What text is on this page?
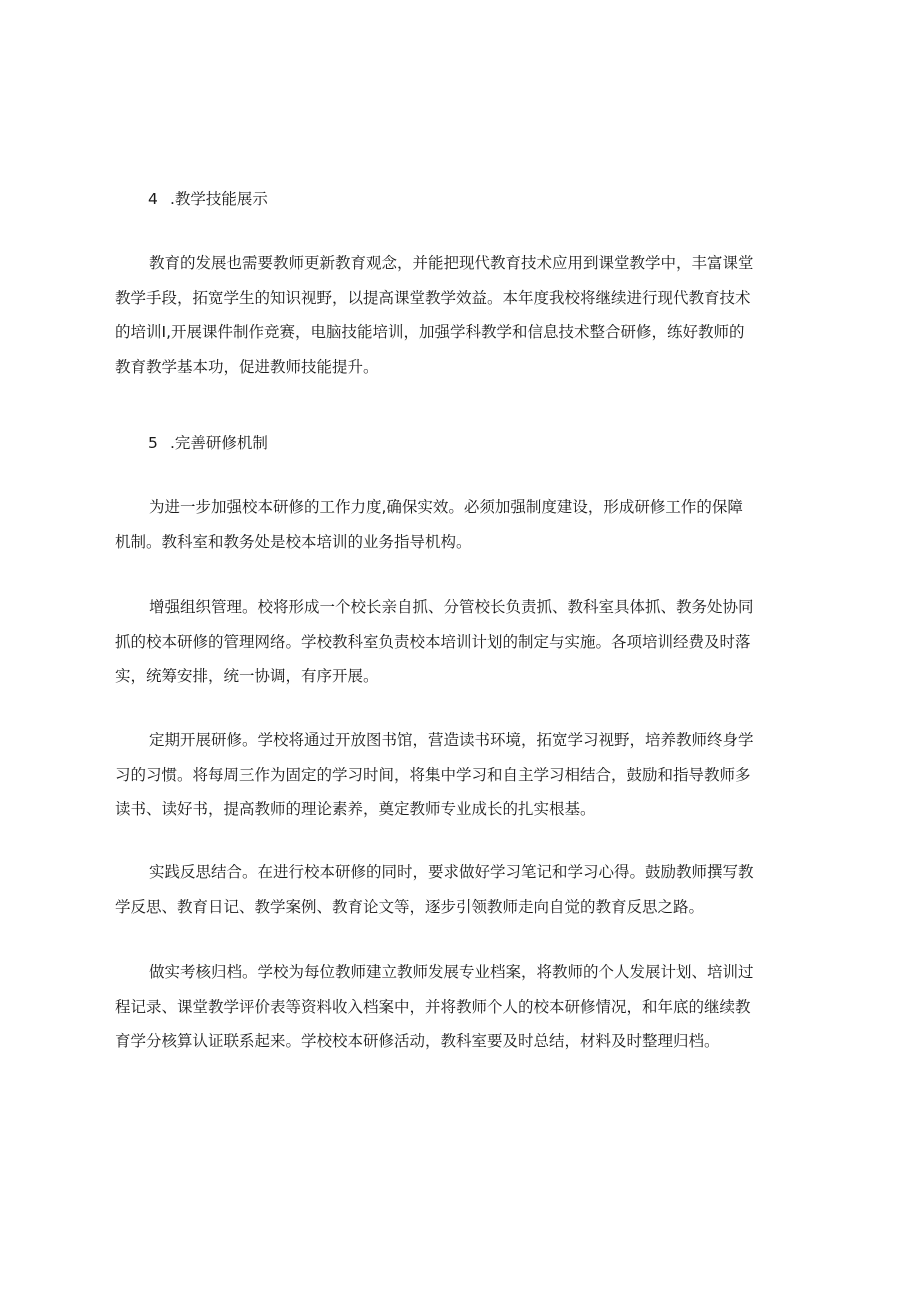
4 .教学技能展示
教育的发展也需要教师更新教育观念，并能把现代教育技术应用到课堂教学中，丰富课堂
教学手段，拓宽学生的知识视野，以提高课堂教学效益。本年度我校将继续进行现代教育技术
的培训I,开展课件制作竞赛，电脑技能培训，加强学科教学和信息技术整合研修，练好教师的
教育教学基本功，促进教师技能提升。
5 .完善研修机制
为进一步加强校本研修的工作力度,确保实效。必须加强制度建设，形成研修工作的保障
机制。教科室和教务处是校本培训的业务指导机构。
增强组织管理。校将形成一个校长亲自抓、分管校长负责抓、教科室具体抓、教务处协同
抓的校本研修的管理网络。学校教科室负责校本培训计划的制定与实施。各项培训经费及时落
实，统筹安排，统一协调，有序开展。
定期开展研修。学校将通过开放图书馆，营造读书环境，拓宽学习视野，培养教师终身学
习的习惯。将每周三作为固定的学习时间，将集中学习和自主学习相结合，鼓励和指导教师多
读书、读好书，提高教师的理论素养，奠定教师专业成长的扎实根基。
实践反思结合。在进行校本研修的同时，要求做好学习笔记和学习心得。鼓励教师撰写教
学反思、教育日记、教学案例、教育论文等，逐步引领教师走向自觉的教育反思之路。
做实考核归档。学校为每位教师建立教师发展专业档案，将教师的个人发展计划、培训过
程记录、课堂教学评价表等资料收入档案中，并将教师个人的校本研修情况，和年底的继续教
育学分核算认证联系起来。学校校本研修活动，教科室要及时总结，材料及时整理归档。
